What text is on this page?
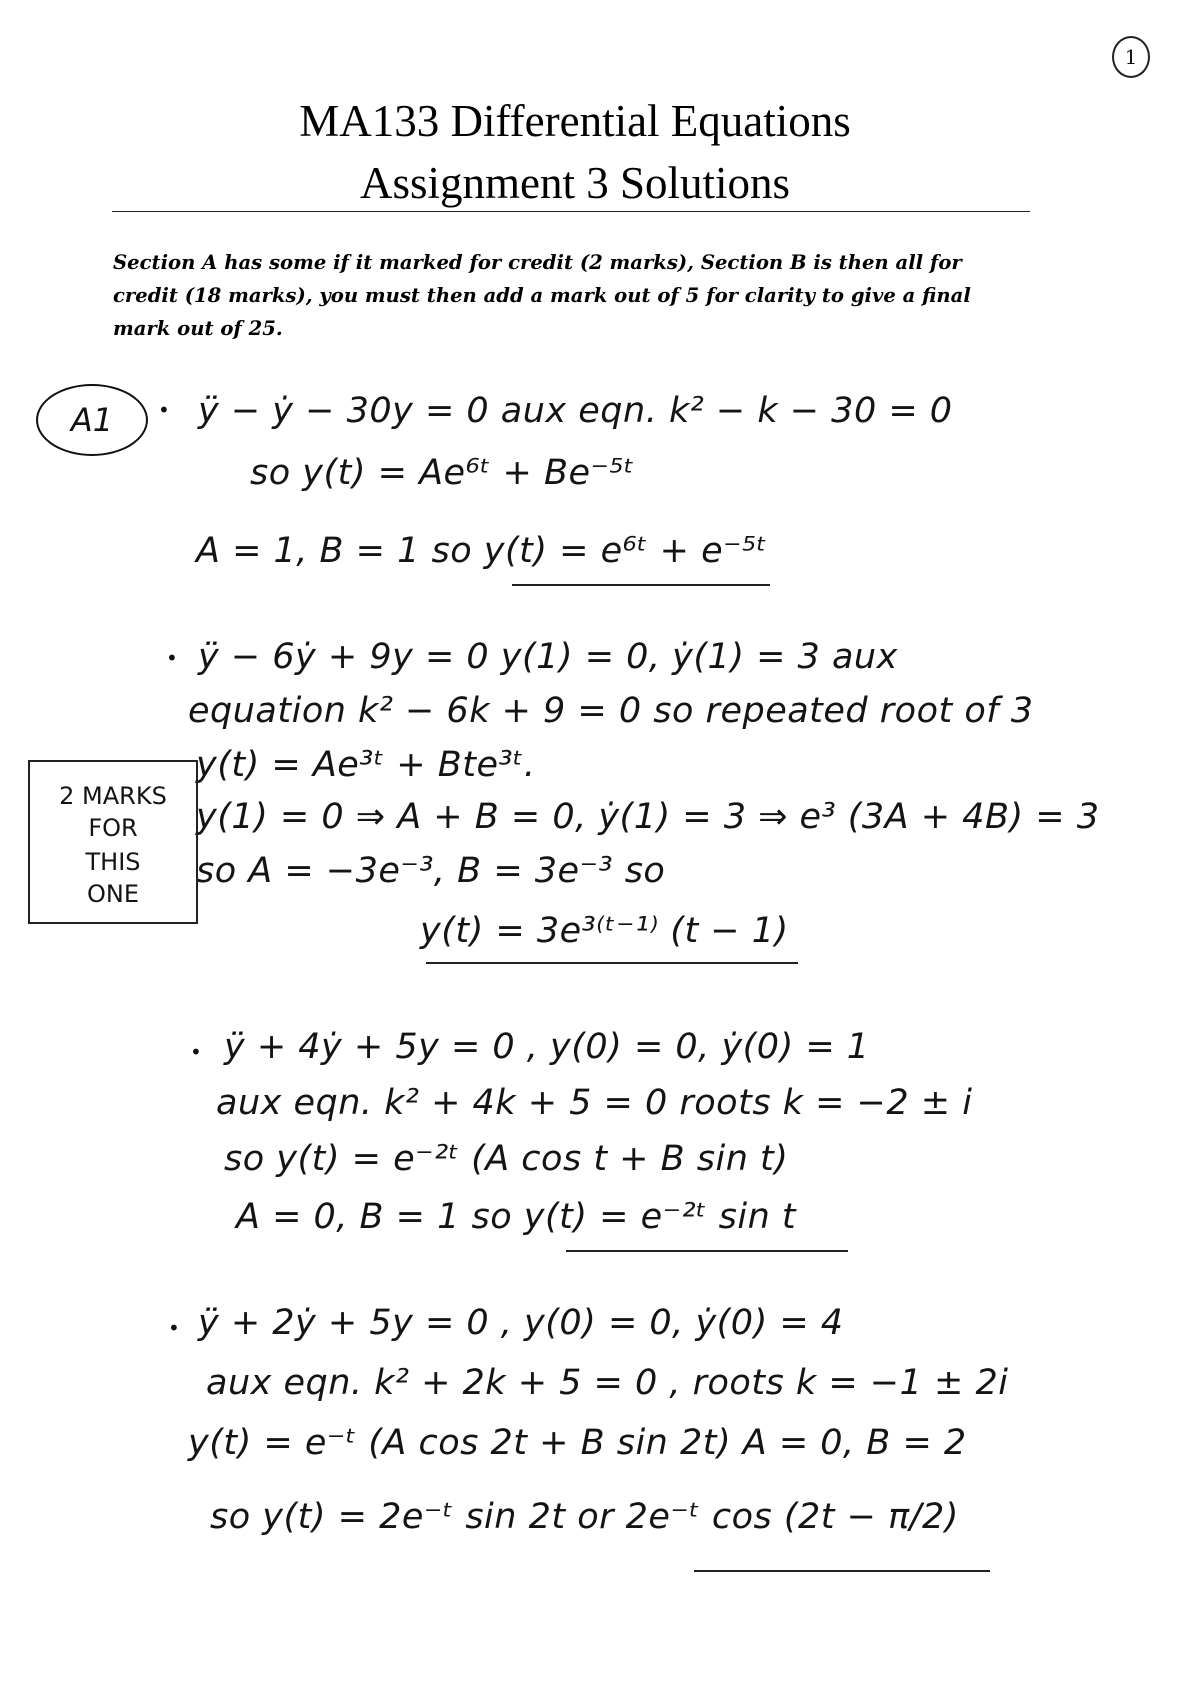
1
MA133 Differential Equations
Assignment 3 Solutions
Section A has some if it marked for credit (2 marks), Section B is then all for credit (18 marks), you must then add a mark out of 5 for clarity to give a final mark out of 25.
A1	• ÿ − ẏ − 30y = 0 aux eqn. k² − k − 30 = 0
so y(t) = Ae⁶ᵗ + Be⁻⁵ᵗ
A = 1, B = 1 so y(t) = e⁶ᵗ + e⁻⁵ᵗ
• ÿ − 6ẏ + 9y = 0 y(1) = 0, ẏ(1) = 3 aux
equation k² − 6k + 9 = 0 so repeated root of 3
y(t) = Ae³ᵗ + Bte³ᵗ.
y(1) = 0 ⇒ A + B = 0, ẏ(1) = 3 ⇒ e³ (3A + 4B) = 3
so A = −3e⁻³, B = 3e⁻³ so
y(t) = 3e³⁽ᵗ⁻¹⁾ (t − 1)
2 MARKS
FOR
THIS
ONE
• ÿ + 4ẏ + 5y = 0 , y(0) = 0, ẏ(0) = 1
aux eqn. k² + 4k + 5 = 0 roots k = −2 ± i
so y(t) = e⁻²ᵗ (A cos t + B sin t)
A = 0, B = 1 so y(t) = e⁻²ᵗ sin t
• ÿ + 2ẏ + 5y = 0 , y(0) = 0, ẏ(0) = 4
aux eqn. k² + 2k + 5 = 0 , roots k = −1 ± 2i
y(t) = e⁻ᵗ (A cos 2t + B sin 2t) A = 0, B = 2
so y(t) = 2e⁻ᵗ sin 2t or 2e⁻ᵗ cos (2t − π/2)
